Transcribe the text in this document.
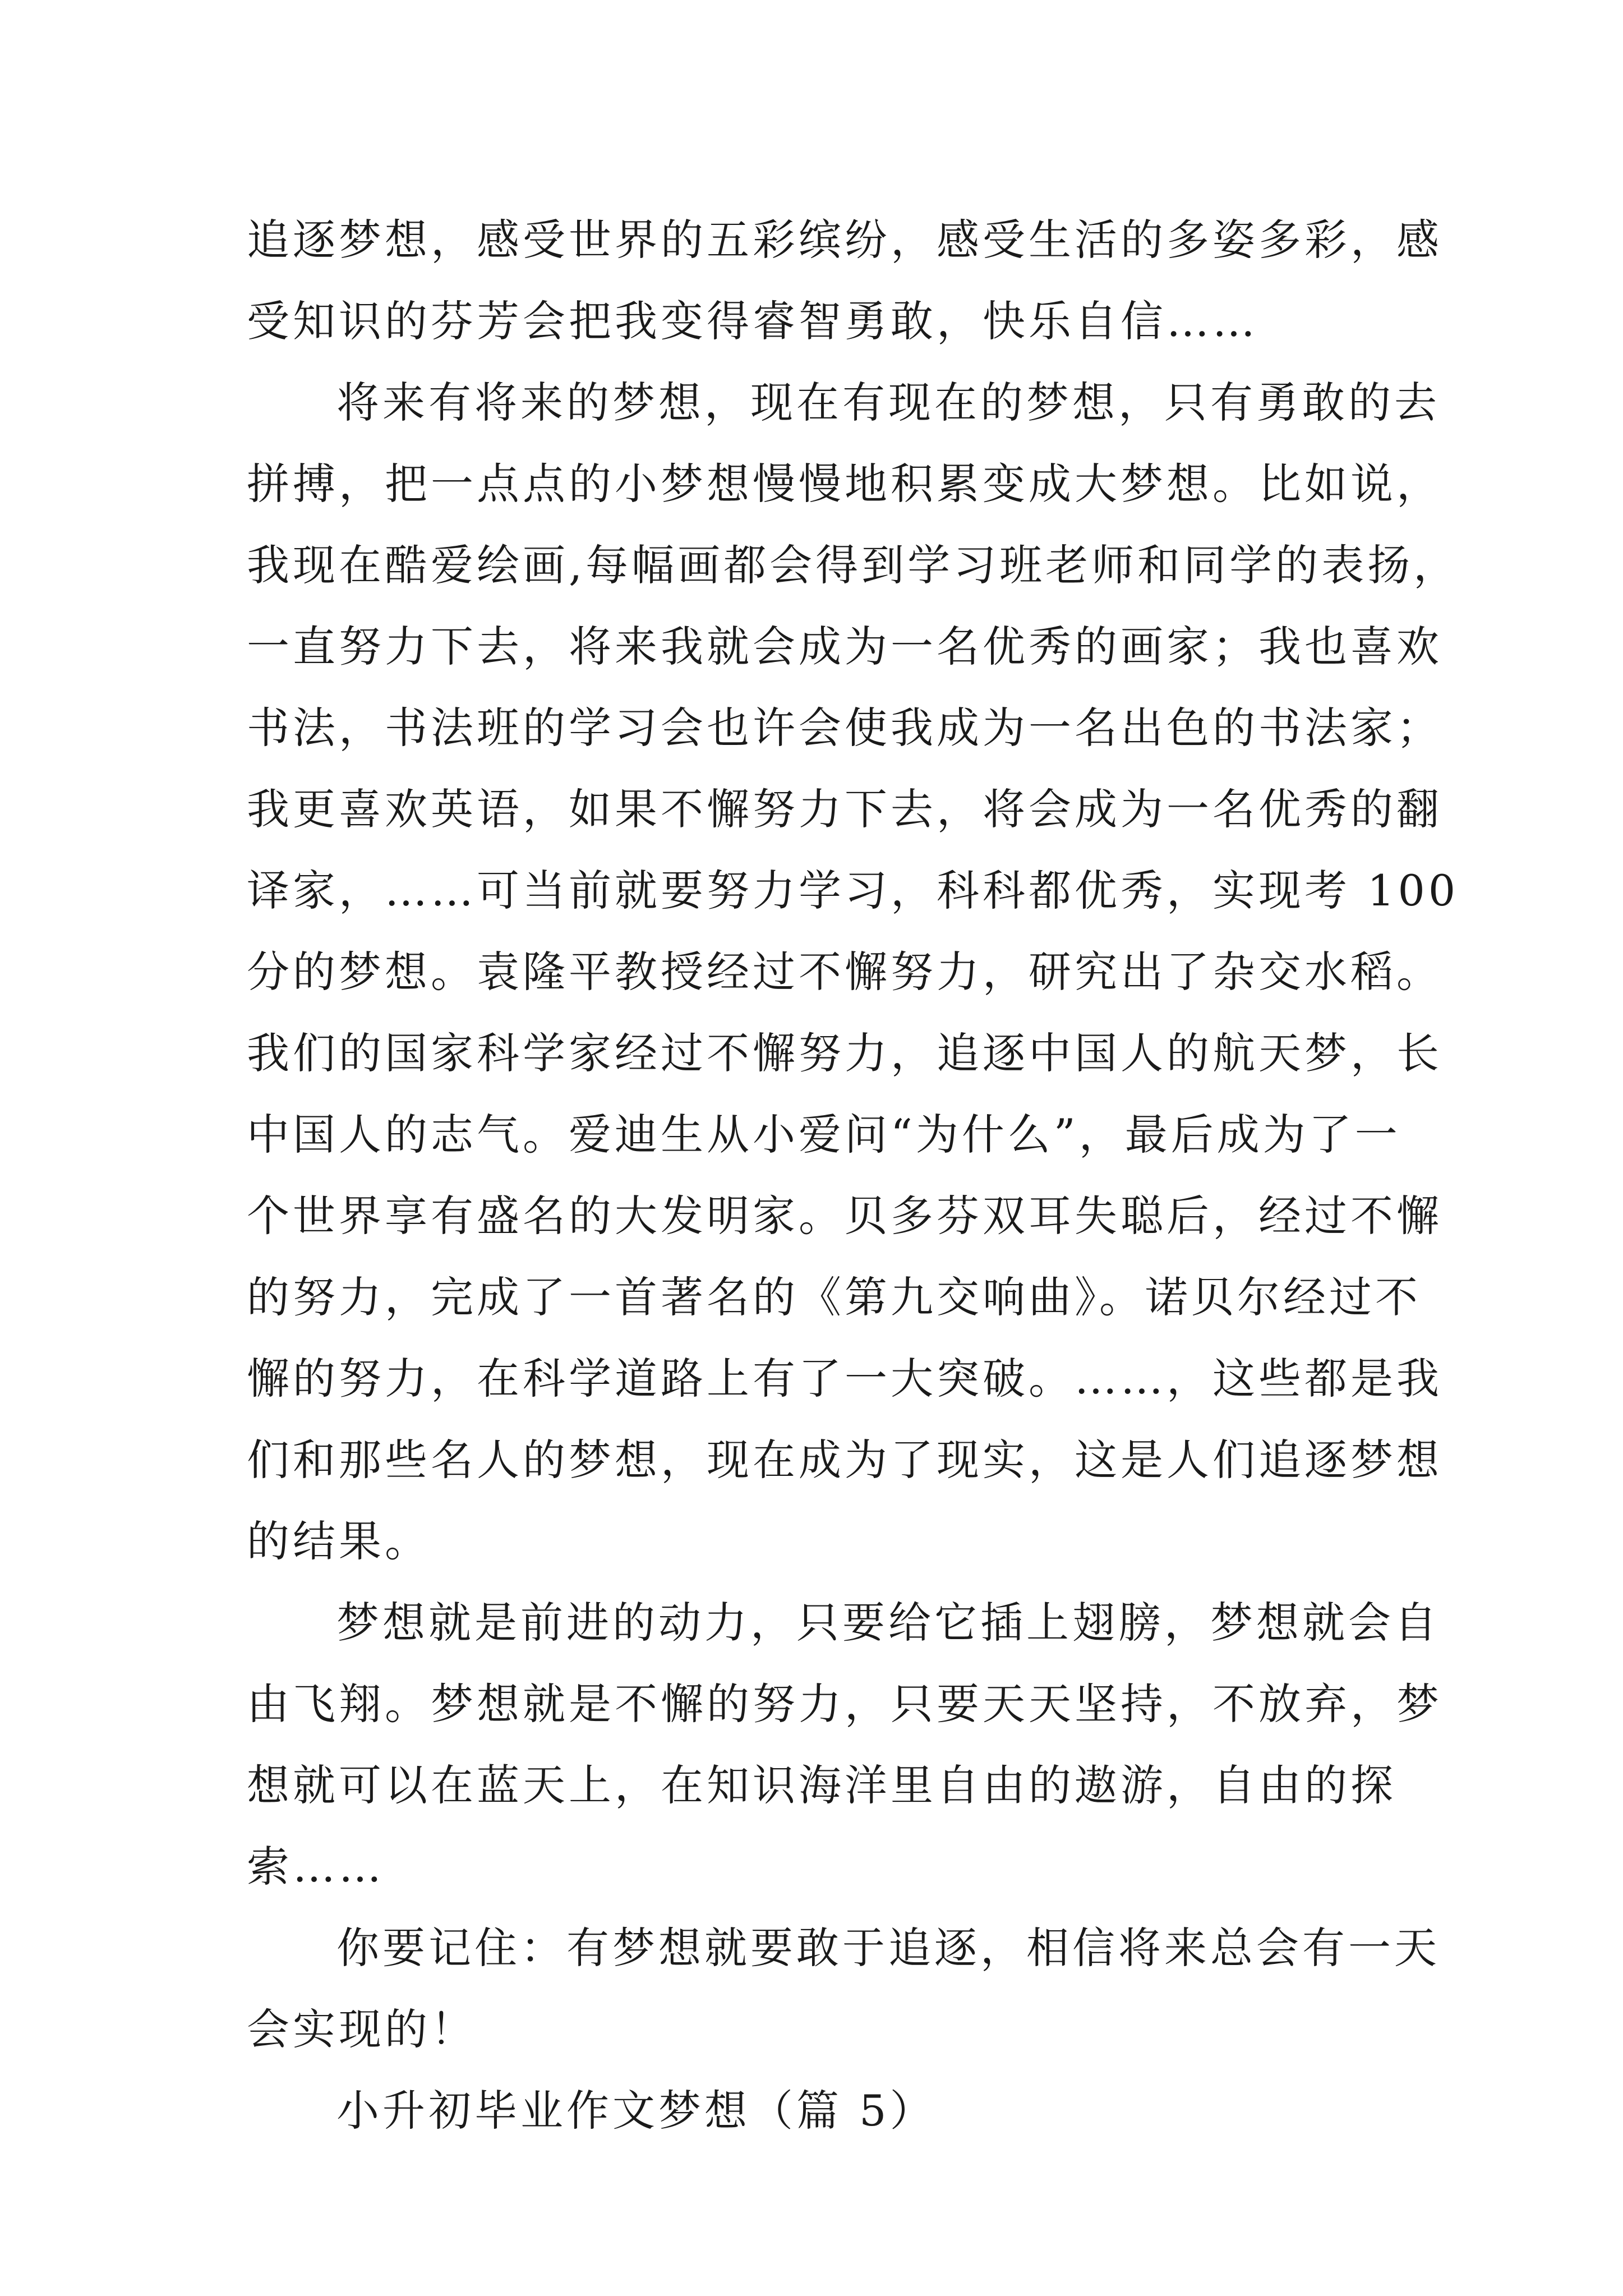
追逐梦想，感受世界的五彩缤纷，感受生活的多姿多彩，感
受知识的芬芳会把我变得睿智勇敢，快乐自信……
将来有将来的梦想，现在有现在的梦想，只有勇敢的去
拼搏，把一点点的小梦想慢慢地积累变成大梦想。比如说，
我现在酷爱绘画,每幅画都会得到学习班老师和同学的表扬，
一直努力下去，将来我就会成为一名优秀的画家；我也喜欢
书法，书法班的学习会也许会使我成为一名出色的书法家；
我更喜欢英语，如果不懈努力下去，将会成为一名优秀的翻
译家，……可当前就要努力学习，科科都优秀，实现考 100
分的梦想。袁隆平教授经过不懈努力，研究出了杂交水稻。
我们的国家科学家经过不懈努力，追逐中国人的航天梦，长
中国人的志气。爱迪生从小爱问“为什么”，最后成为了一
个世界享有盛名的大发明家。贝多芬双耳失聪后，经过不懈
的努力，完成了一首著名的《第九交响曲》。诺贝尔经过不
懈的努力，在科学道路上有了一大突破。……，这些都是我
们和那些名人的梦想，现在成为了现实，这是人们追逐梦想
的结果。
梦想就是前进的动力，只要给它插上翅膀，梦想就会自
由飞翔。梦想就是不懈的努力，只要天天坚持，不放弃，梦
想就可以在蓝天上，在知识海洋里自由的遨游，自由的探
索……
你要记住：有梦想就要敢于追逐，相信将来总会有一天
会实现的！
小升初毕业作文梦想（篇 5）
